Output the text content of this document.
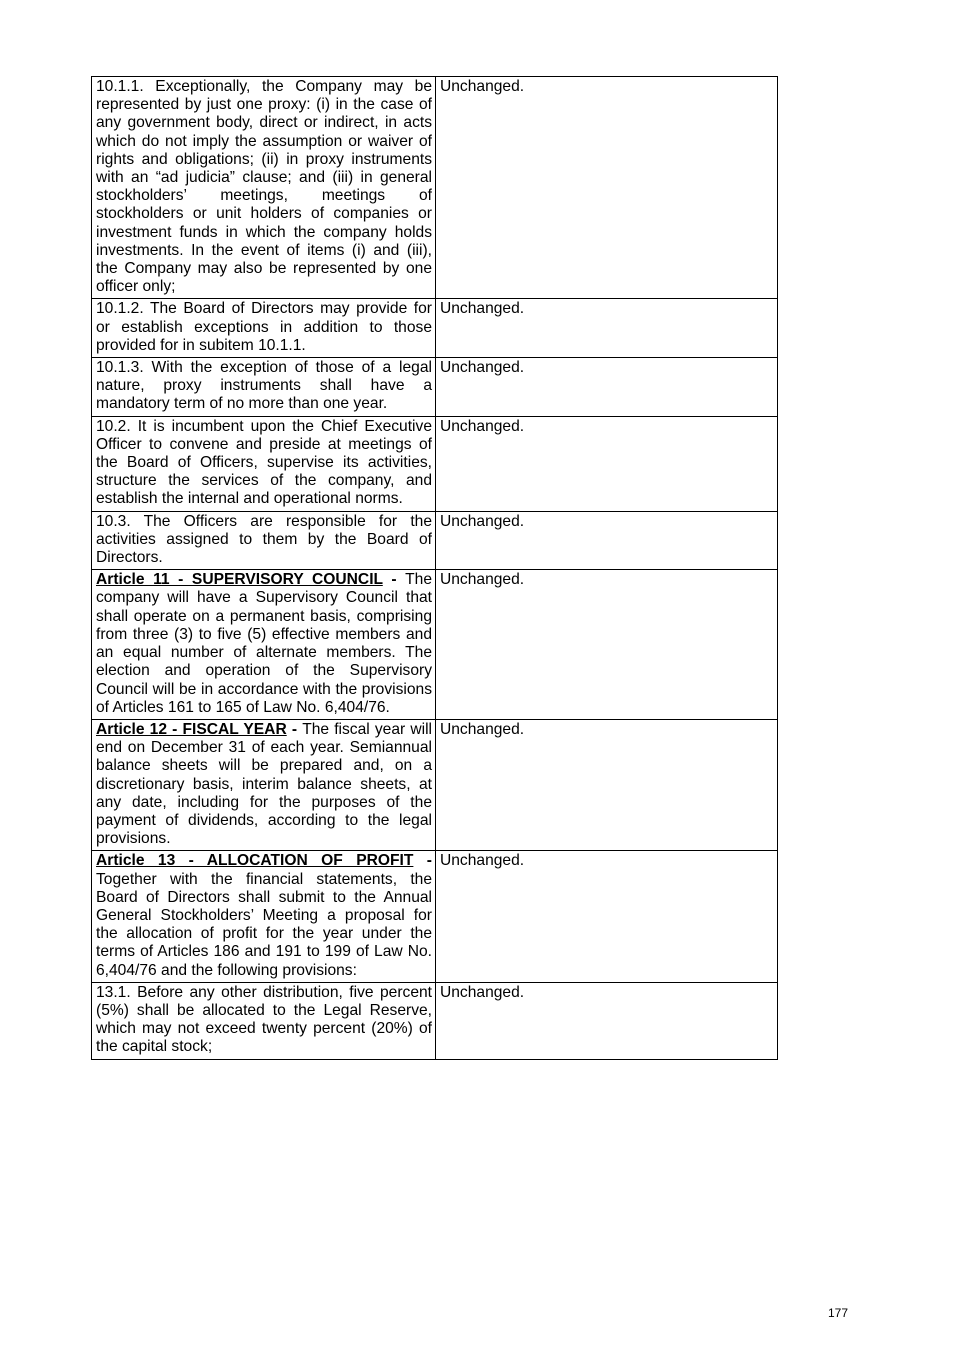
10.1.1. Exceptionally, the Company may be represented by just one proxy: (i) in the case of any government body, direct or indirect, in acts which do not imply the assumption or waiver of rights and obligations; (ii) in proxy instruments with an “ad judicia” clause; and (iii) in general stockholders’ meetings, meetings of stockholders or unit holders of companies or investment funds in which the company holds investments. In the event of items (i) and (iii), the Company may also be represented by one officer only;	Unchanged.
10.1.2. The Board of Directors may provide for or establish exceptions in addition to those provided for in subitem 10.1.1.	Unchanged.
10.1.3. With the exception of those of a legal nature, proxy instruments shall have a mandatory term of no more than one year.	Unchanged.
10.2. It is incumbent upon the Chief Executive Officer to convene and preside at meetings of the Board of Officers, supervise its activities, structure the services of the company, and establish the internal and operational norms.	Unchanged.
10.3. The Officers are responsible for the activities assigned to them by the Board of Directors.	Unchanged.
Article 11 - SUPERVISORY COUNCIL - The company will have a Supervisory Council that shall operate on a permanent basis, comprising from three (3) to five (5) effective members and an equal number of alternate members. The election and operation of the Supervisory Council will be in accordance with the provisions of Articles 161 to 165 of Law No. 6,404/76.	Unchanged.
Article 12 - FISCAL YEAR - The fiscal year will end on December 31 of each year. Semiannual balance sheets will be prepared and, on a discretionary basis, interim balance sheets, at any date, including for the purposes of the payment of dividends, according to the legal provisions.	Unchanged.
Article 13 - ALLOCATION OF PROFIT - Together with the financial statements, the Board of Directors shall submit to the Annual General Stockholders’ Meeting a proposal for the allocation of profit for the year under the terms of Articles 186 and 191 to 199 of Law No. 6,404/76 and the following provisions:	Unchanged.
13.1. Before any other distribution, five percent (5%) shall be allocated to the Legal Reserve, which may not exceed twenty percent (20%) of the capital stock;	Unchanged.
177
